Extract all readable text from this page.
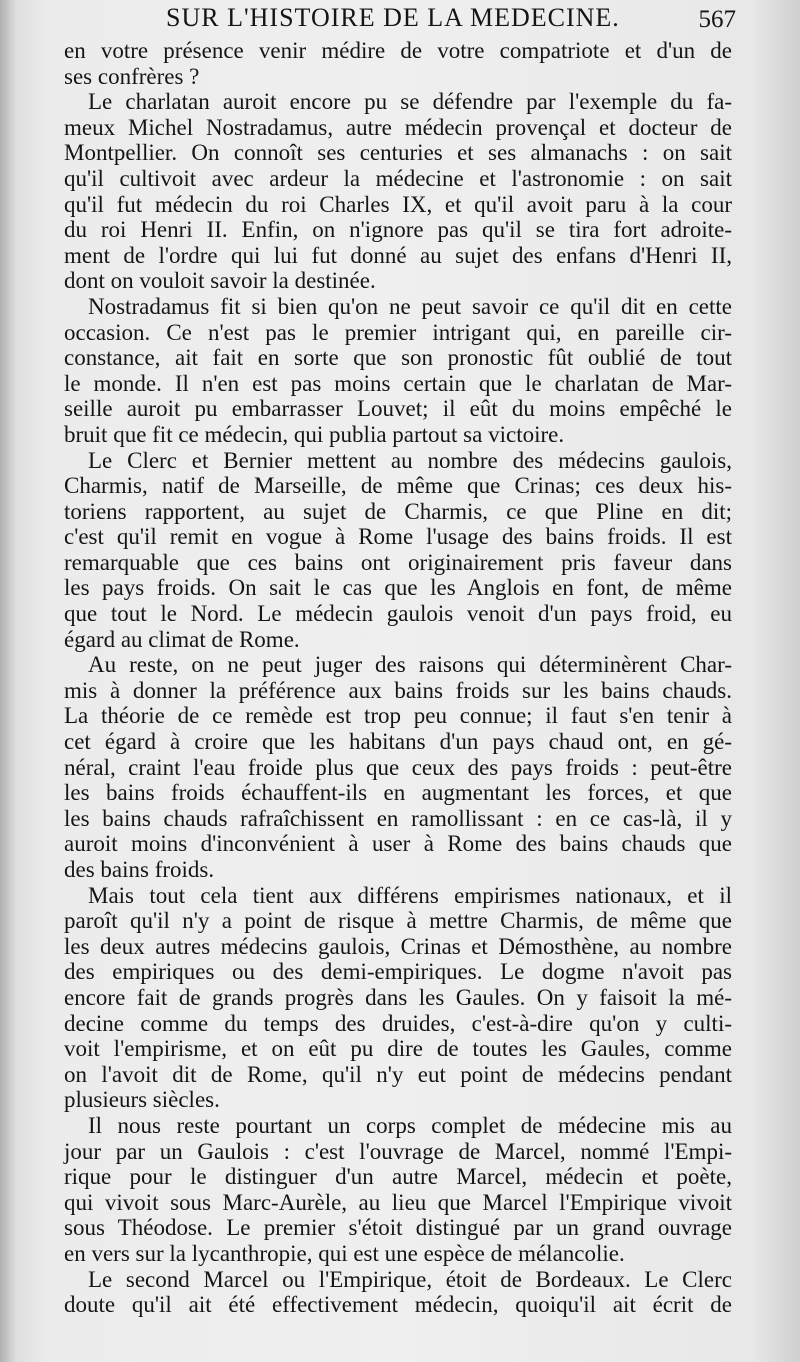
SUR L'HISTOIRE DE LA MEDECINE.	567
en votre présence venir médire de votre compatriote et d'un de
ses confrères ?
Le charlatan auroit encore pu se défendre par l'exemple du fa-
meux Michel Nostradamus, autre médecin provençal et docteur de
Montpellier. On connoît ses centuries et ses almanachs : on sait
qu'il cultivoit avec ardeur la médecine et l'astronomie : on sait
qu'il fut médecin du roi Charles IX, et qu'il avoit paru à la cour
du roi Henri II. Enfin, on n'ignore pas qu'il se tira fort adroite-
ment de l'ordre qui lui fut donné au sujet des enfans d'Henri II,
dont on vouloit savoir la destinée.
Nostradamus fit si bien qu'on ne peut savoir ce qu'il dit en cette
occasion. Ce n'est pas le premier intrigant qui, en pareille cir-
constance, ait fait en sorte que son pronostic fût oublié de tout
le monde. Il n'en est pas moins certain que le charlatan de Mar-
seille auroit pu embarrasser Louvet; il eût du moins empêché le
bruit que fit ce médecin, qui publia partout sa victoire.
Le Clerc et Bernier mettent au nombre des médecins gaulois,
Charmis, natif de Marseille, de même que Crinas; ces deux his-
toriens rapportent, au sujet de Charmis, ce que Pline en dit;
c'est qu'il remit en vogue à Rome l'usage des bains froids. Il est
remarquable que ces bains ont originairement pris faveur dans
les pays froids. On sait le cas que les Anglois en font, de même
que tout le Nord. Le médecin gaulois venoit d'un pays froid, eu
égard au climat de Rome.
Au reste, on ne peut juger des raisons qui déterminèrent Char-
mis à donner la préférence aux bains froids sur les bains chauds.
La théorie de ce remède est trop peu connue; il faut s'en tenir à
cet égard à croire que les habitans d'un pays chaud ont, en gé-
néral, craint l'eau froide plus que ceux des pays froids : peut-être
les bains froids échauffent-ils en augmentant les forces, et que
les bains chauds rafraîchissent en ramollissant : en ce cas-là, il y
auroit moins d'inconvénient à user à Rome des bains chauds que
des bains froids.
Mais tout cela tient aux différens empirismes nationaux, et il
paroît qu'il n'y a point de risque à mettre Charmis, de même que
les deux autres médecins gaulois, Crinas et Démosthène, au nombre
des empiriques ou des demi-empiriques. Le dogme n'avoit pas
encore fait de grands progrès dans les Gaules. On y faisoit la mé-
decine comme du temps des druides, c'est-à-dire qu'on y culti-
voit l'empirisme, et on eût pu dire de toutes les Gaules, comme
on l'avoit dit de Rome, qu'il n'y eut point de médecins pendant
plusieurs siècles.
Il nous reste pourtant un corps complet de médecine mis au
jour par un Gaulois : c'est l'ouvrage de Marcel, nommé l'Empi-
rique pour le distinguer d'un autre Marcel, médecin et poète,
qui vivoit sous Marc-Aurèle, au lieu que Marcel l'Empirique vivoit
sous Théodose. Le premier s'étoit distingué par un grand ouvrage
en vers sur la lycanthropie, qui est une espèce de mélancolie.
Le second Marcel ou l'Empirique, étoit de Bordeaux. Le Clerc
doute qu'il ait été effectivement médecin, quoiqu'il ait écrit de
